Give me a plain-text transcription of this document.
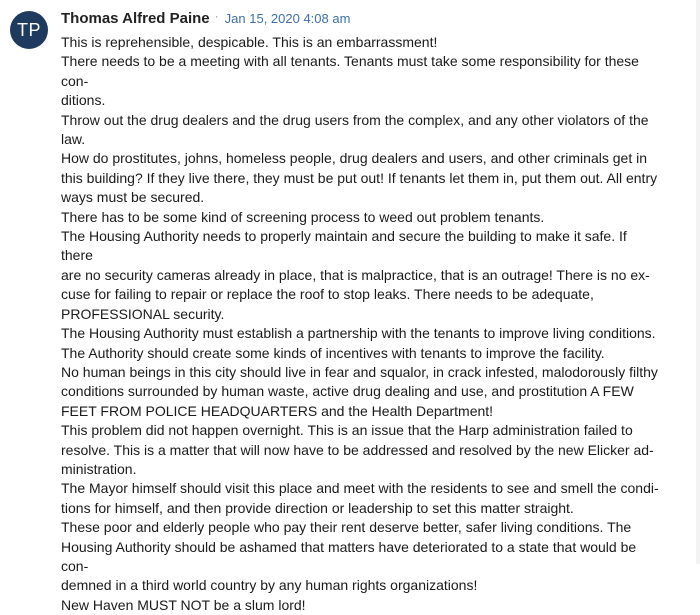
TP
Thomas Alfred Paine · Jan 15, 2020 4:08 am

This is reprehensible, despicable. This is an embarrassment!

There needs to be a meeting with all tenants. Tenants must take some responsibility for these con-

ditions.

Throw out the drug dealers and the drug users from the complex, and any other violators of the

law.

How do prostitutes, johns, homeless people, drug dealers and users, and other criminals get in

this building? If they live there, they must be put out! If tenants let them in, put them out. All entry

ways must be secured.

There has to be some kind of screening process to weed out problem tenants.

The Housing Authority needs to properly maintain and secure the building to make it safe. If there

are no security cameras already in place, that is malpractice, that is an outrage! There is no ex-

cuse for failing to repair or replace the roof to stop leaks. There needs to be adequate,

PROFESSIONAL security.

The Housing Authority must establish a partnership with the tenants to improve living conditions.

The Authority should create some kinds of incentives with tenants to improve the facility.

No human beings in this city should live in fear and squalor, in crack infested, malodorously filthy

conditions surrounded by human waste, active drug dealing and use, and prostitution A FEW

FEET FROM POLICE HEADQUARTERS and the Health Department!

This problem did not happen overnight. This is an issue that the Harp administration failed to

resolve. This is a matter that will now have to be addressed and resolved by the new Elicker ad-

ministration.

The Mayor himself should visit this place and meet with the residents to see and smell the condi-

tions for himself, and then provide direction or leadership to set this matter straight.

These poor and elderly people who pay their rent deserve better, safer living conditions. The

Housing Authority should be ashamed that matters have deteriorated to a state that would be con-

demned in a third world country by any human rights organizations!

New Haven MUST NOT be a slum lord!
